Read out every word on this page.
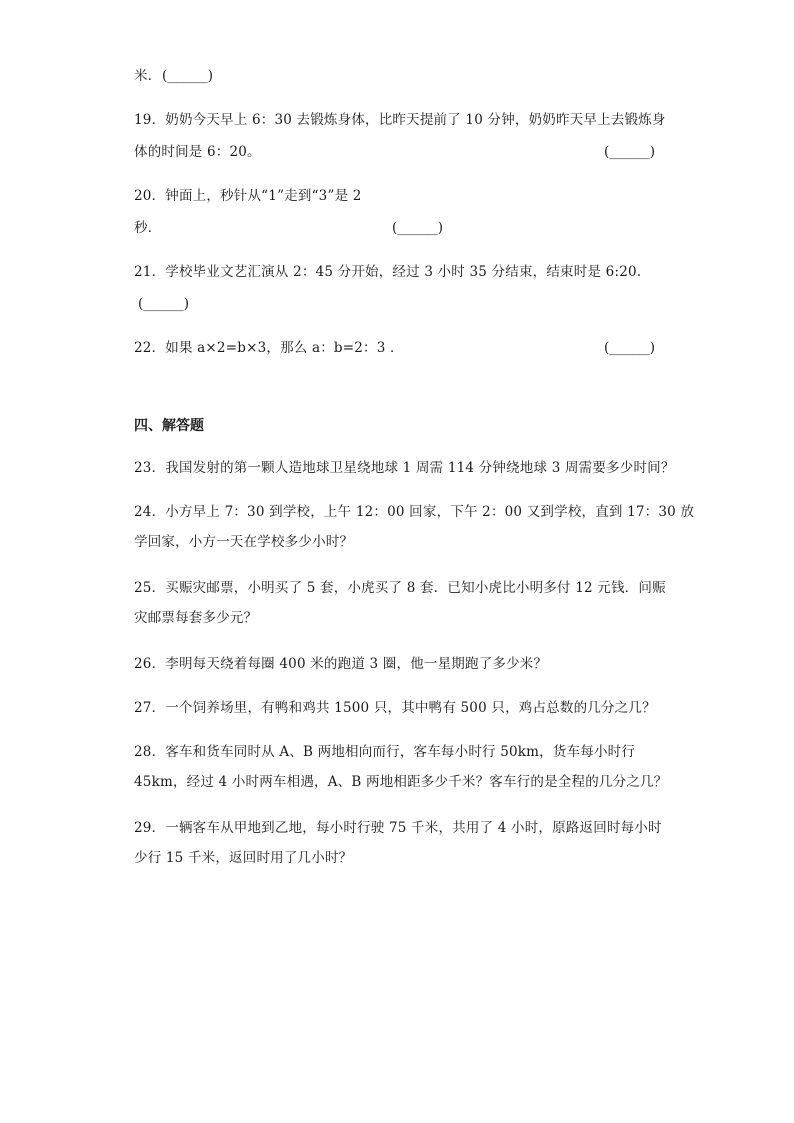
米． (______)
19．奶奶今天早上 6：30 去锻炼身体，比昨天提前了 10 分钟，奶奶昨天早上去锻炼身
体的时间是 6：20。	(______)
20．钟面上，秒针从“1”走到“3”是 2
秒．	(______)
21．学校毕业文艺汇演从 2：45 分开始，经过 3 小时 35 分结束，结束时是 6:20.
(______)
22．如果 a×2=b×3，那么 a：b=2：3 ．	(______)
四、解答题
23．我国发射的第一颗人造地球卫星绕地球 1 周需 114 分钟绕地球 3 周需要多少时间？
24．小方早上 7：30 到学校，上午 12：00 回家，下午 2：00 又到学校，直到 17：30 放
学回家，小方一天在学校多少小时？
25．买赈灾邮票，小明买了 5 套，小虎买了 8 套．已知小虎比小明多付 12 元钱．问赈
灾邮票每套多少元？
26．李明每天绕着每圈 400 米的跑道 3 圈，他一星期跑了多少米？
27．一个饲养场里，有鸭和鸡共 1500 只，其中鸭有 500 只，鸡占总数的几分之几？
28．客车和货车同时从 A、B 两地相向而行，客车每小时行 50km，货车每小时行
45km，经过 4 小时两车相遇，A、B 两地相距多少千米？客车行的是全程的几分之几？
29．一辆客车从甲地到乙地，每小时行驶 75 千米，共用了 4 小时，原路返回时每小时
少行 15 千米，返回时用了几小时？
